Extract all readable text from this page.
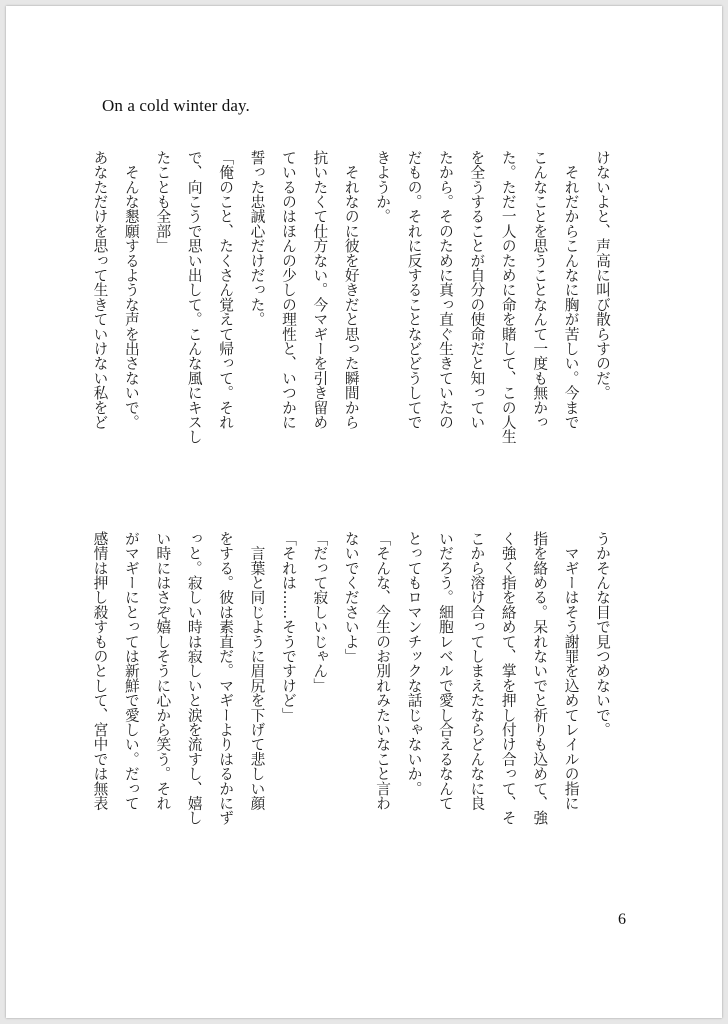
On a cold winter day.
けないよと、声高に叫び散らすのだ。
　それだからこんなに胸が苦しい。今まで
こんなことを思うことなんて一度も無かっ
た。ただ一人のために命を賭して、この人生
を全うすることが自分の使命だと知ってい
たから。そのために真っ直ぐ生きていたの
だもの。それに反することなどどうしてで
きようか。
　それなのに彼を好きだと思った瞬間から
抗いたくて仕方ない。今マギーを引き留め
ているのはほんの少しの理性と、いつかに
誓った忠誠心だけだった。
「俺のこと、たくさん覚えて帰って。それ
で、向こうで思い出して。こんな風にキスし
たことも全部」
　そんな懇願するような声を出さないで。
あなただけを思って生きていけない私をど
うかそんな目で見つめないで。
　マギーはそう謝罪を込めてレイルの指に
指を絡める。呆れないでと祈りも込めて、強
く強く指を絡めて、掌を押し付け合って、そ
こから溶け合ってしまえたならどんなに良
いだろう。細胞レベルで愛し合えるなんて
とってもロマンチックな話じゃないか。
「そんな、今生のお別れみたいなこと言わ
ないでくださいよ」
「だって寂しいじゃん」
「それは……そうですけど」
　言葉と同じように眉尻を下げて悲しい顔
をする。彼は素直だ。マギーよりはるかにず
っと。寂しい時は寂しいと涙を流すし、嬉し
い時にはさぞ嬉しそうに心から笑う。それ
がマギーにとっては新鮮で愛しい。だって
感情は押し殺すものとして、宮中では無表
6
